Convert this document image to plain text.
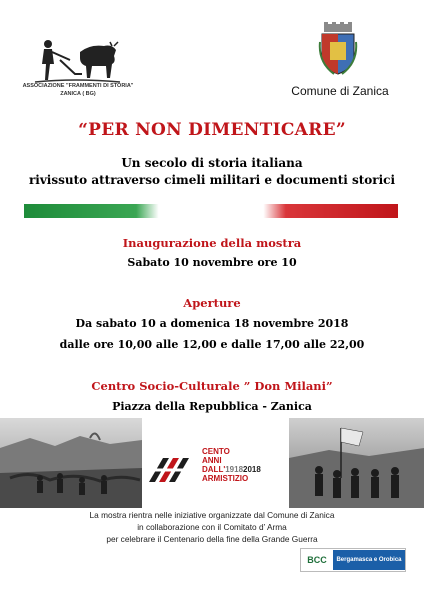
ASSOCIAZIONE "FRAMMENTI DI STORIA"
ZANICA ( BG)	Comune di Zanica
“PER NON DIMENTICARE”
Un secolo di storia italiana
rivissuto attraverso cimeli militari e documenti storici
Inaugurazione della mostra
Sabato 10 novembre ore 10
Aperture
Da sabato 10 a domenica 18 novembre 2018
dalle ore 10,00 alle 12,00 e dalle 17,00 alle 22,00
Centro Socio-Culturale ” Don Milani”
Piazza della Repubblica - Zanica
CENTO
ANNI
DALL'19182018
ARMISTIZIO
La mostra rientra nelle iniziative organizzate dal Comune di Zanica
in collaborazione con il Comitato d’ Arma
per celebrare il Centenario della fine della Grande Guerra
BCC Bergamasca e Orobica
